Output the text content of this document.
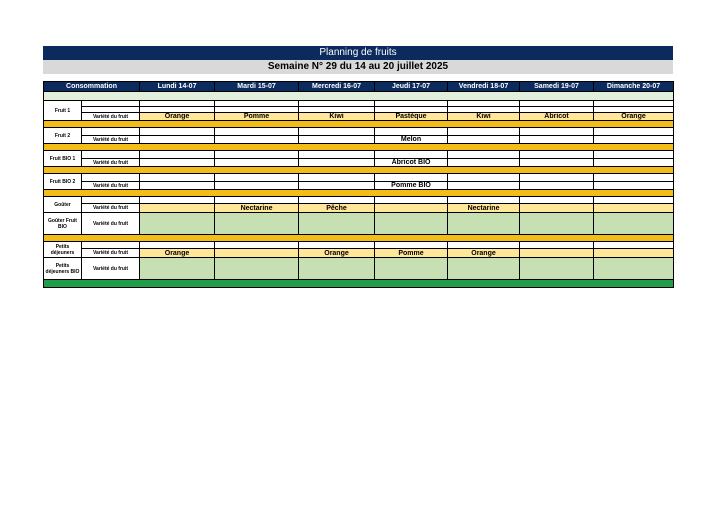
Planning de fruits
Semaine N° 29 du 14 au 20 juillet 2025
Consommation		Lundi 14-07	Mardi 15-07	Mercredi 16-07	Jeudi 17-07	Vendredi 18-07	Samedi 19-07	Dimanche 20-07

Fruit 1								

	Variété du fruit	Orange	Pomme	Kiwi	Pastèque	Kiwi	Abricot	Orange

Fruit 2								
	Variété du fruit				Melon			

Fruit BIO 1								
	Variété du fruit				Abricot BIO			

Fruit BIO 2								
	Variété du fruit				Pomme BIO			

Goûter								
	Variété du fruit		Nectarine	Pêche		Nectarine		
Goûter Fruit BIO	Variété du fruit							

Petits déjeuners								
	Variété du fruit	Orange		Orange	Pomme	Orange		
Petits déjeuners BIO	Variété du fruit							
